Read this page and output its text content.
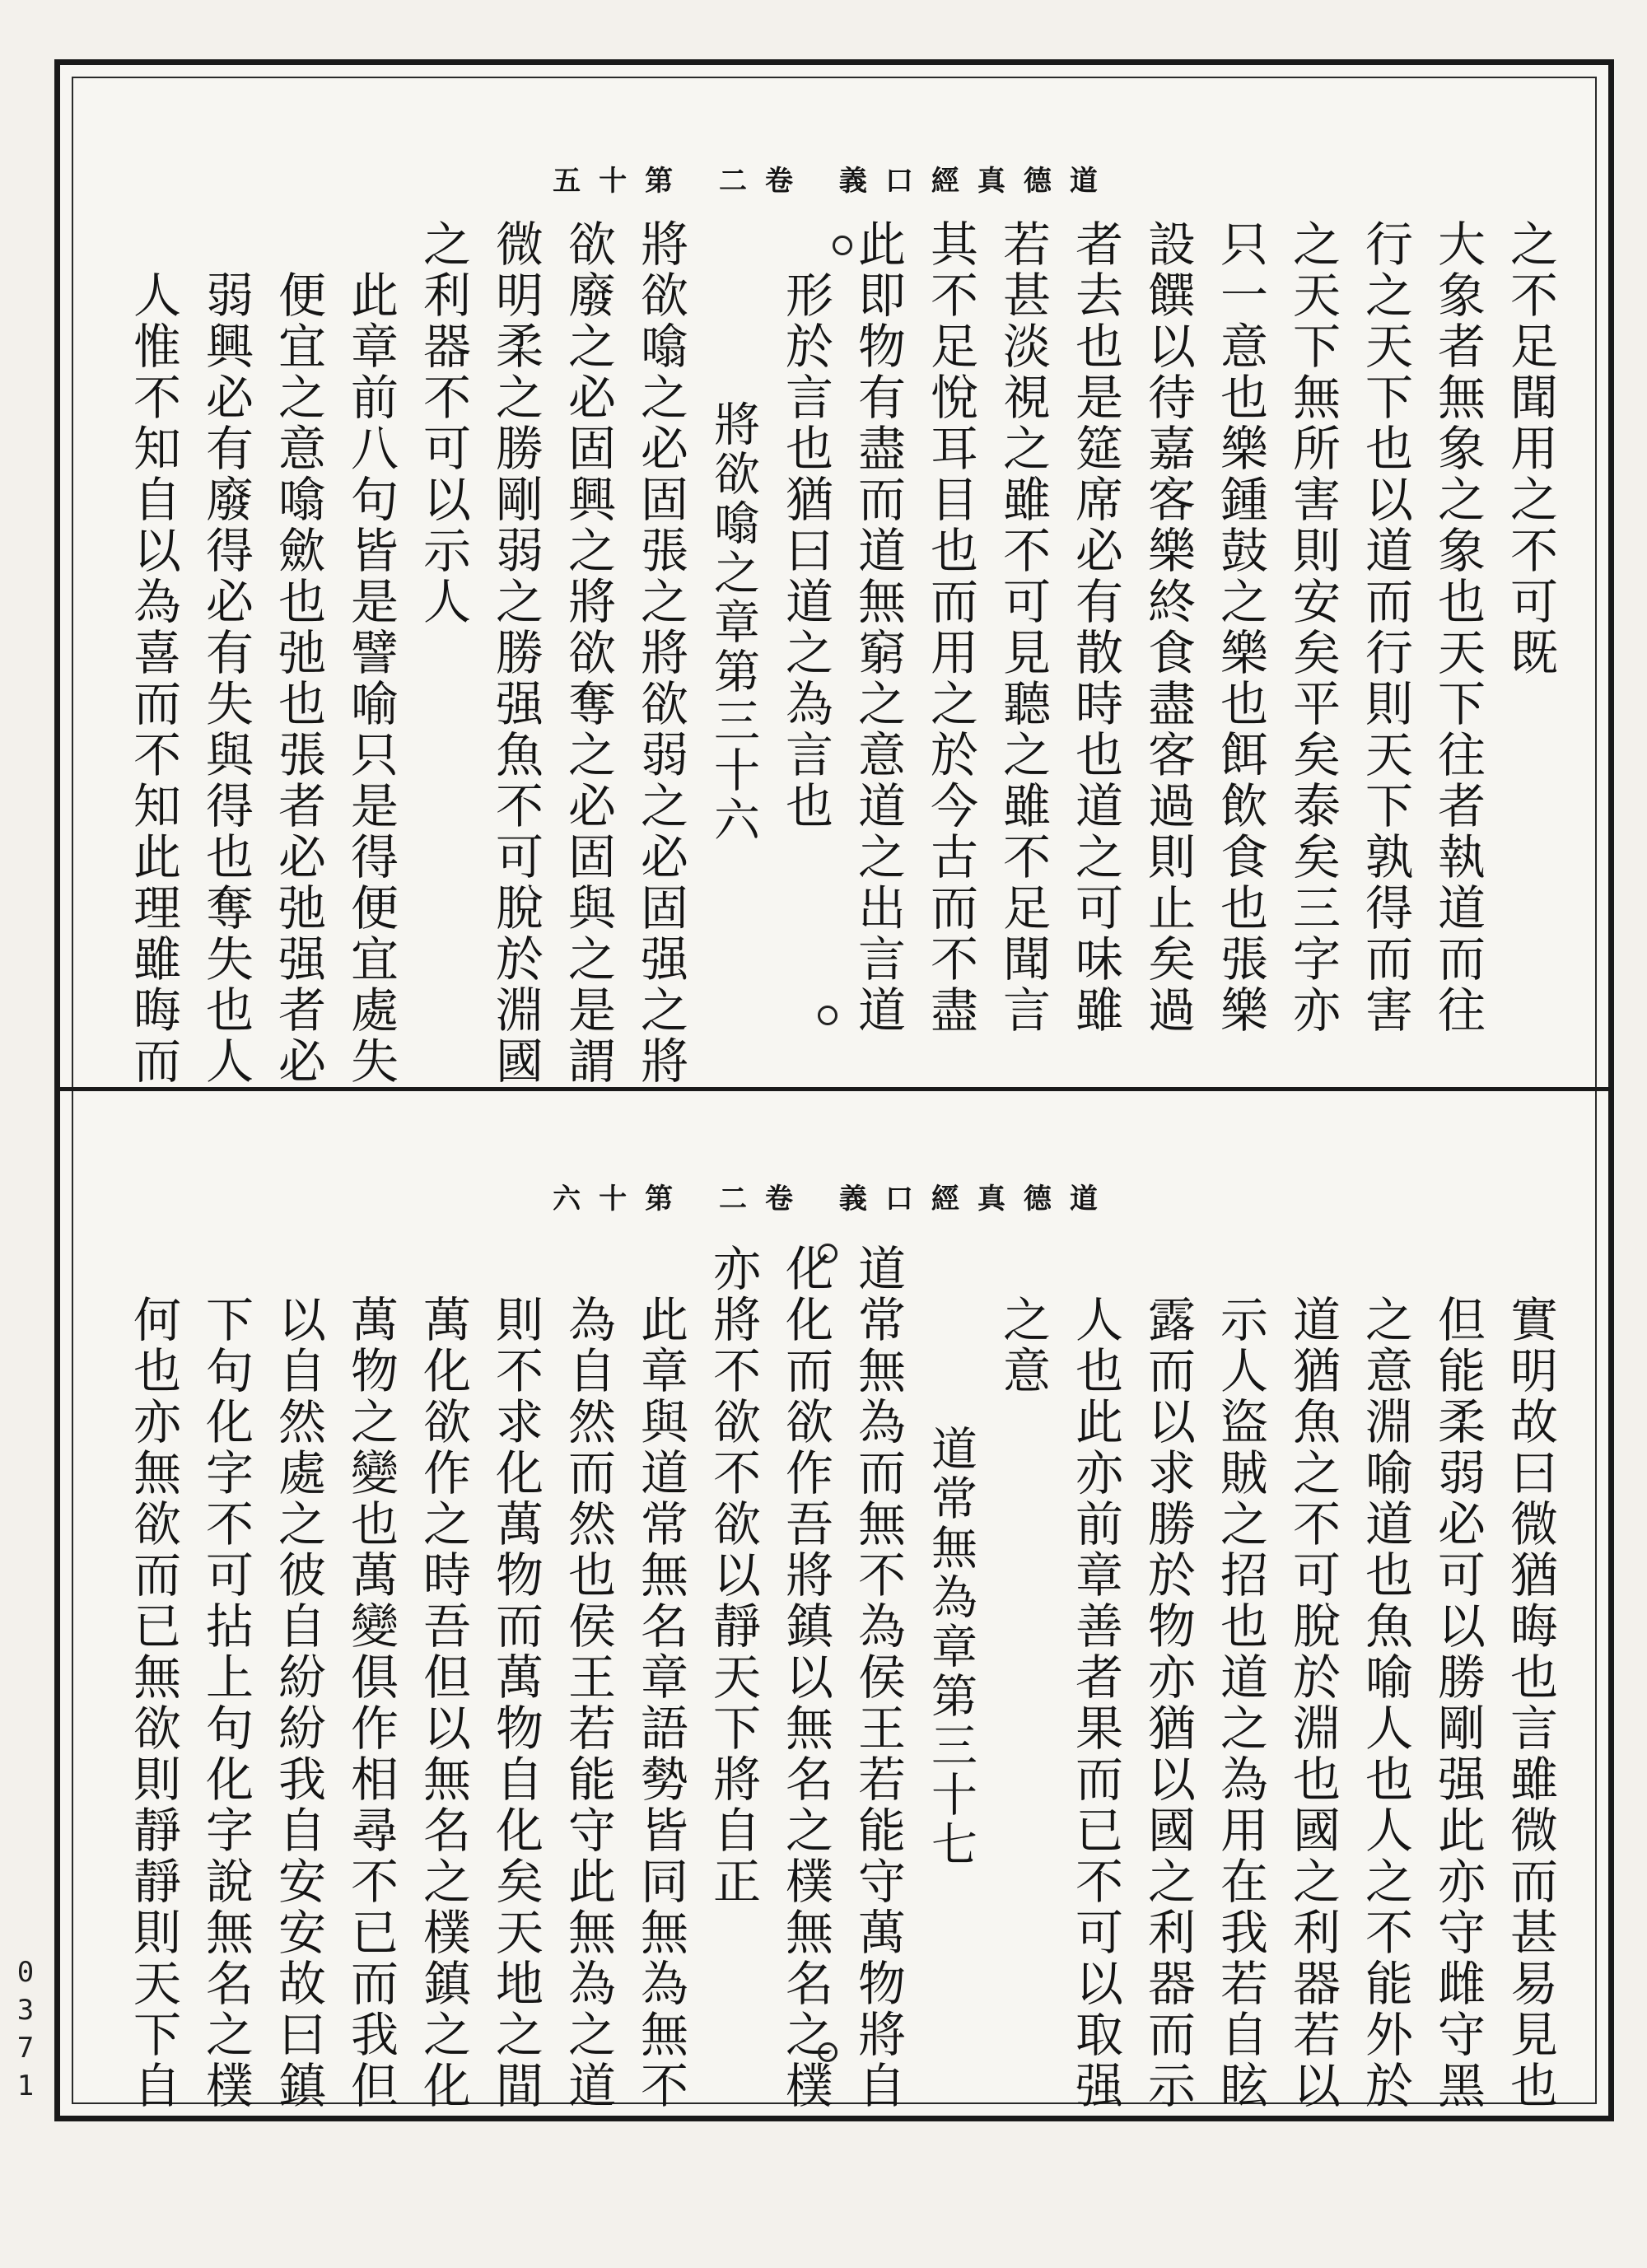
道德真經口義 卷二 第十五
之不足聞用之不可既
大象者無象之象也天下往者執道而往
行之天下也以道而行則天下孰得而害
之天下無所害則安矣平矣泰矣三字亦
只一意也樂鍾鼓之樂也餌飲食也張樂
設饌以待嘉客樂終食盡客過則止矣過
者去也是筵席必有散時也道之可味雖
若甚淡視之雖不可見聽之雖不足聞言
其不足悅耳目也而用之於今古而不盡
此即物有盡而道無窮之意道之出言道
形於言也猶曰道之為言也
將欲噏之章第三十六
將欲噏之必固張之將欲弱之必固强之將
欲廢之必固興之將欲奪之必固與之是謂
微明柔之勝剛弱之勝强魚不可脫於淵國
之利器不可以示人
此章前八句皆是譬喻只是得便宜處失
便宜之意噏歛也弛也張者必弛强者必
弱興必有廢得必有失與得也奪失也人
人惟不知自以為喜而不知此理雖晦而
道德真經口義 卷二 第十六
實明故曰微猶晦也言雖微而甚易見也
但能柔弱必可以勝剛强此亦守雌守黑
之意淵喻道也魚喻人也人之不能外於
道猶魚之不可脫於淵也國之利器若以
示人盜賊之招也道之為用在我若自眩
露而以求勝於物亦猶以國之利器而示
人也此亦前章善者果而已不可以取强
之意
道常無為章第三十七
道常無為而無不為侯王若能守萬物將自
化化而欲作吾將鎮以無名之樸無名之樸
亦將不欲不欲以靜天下將自正
此章與道常無名章語勢皆同無為無不
為自然而然也侯王若能守此無為之道
則不求化萬物而萬物自化矣天地之間
萬化欲作之時吾但以無名之樸鎮之化
萬物之變也萬變俱作相尋不已而我但
以自然處之彼自紛紛我自安安故曰鎮
下句化字不可拈上句化字說無名之樸
何也亦無欲而已無欲則靜靜則天下自
0
3
7
1
